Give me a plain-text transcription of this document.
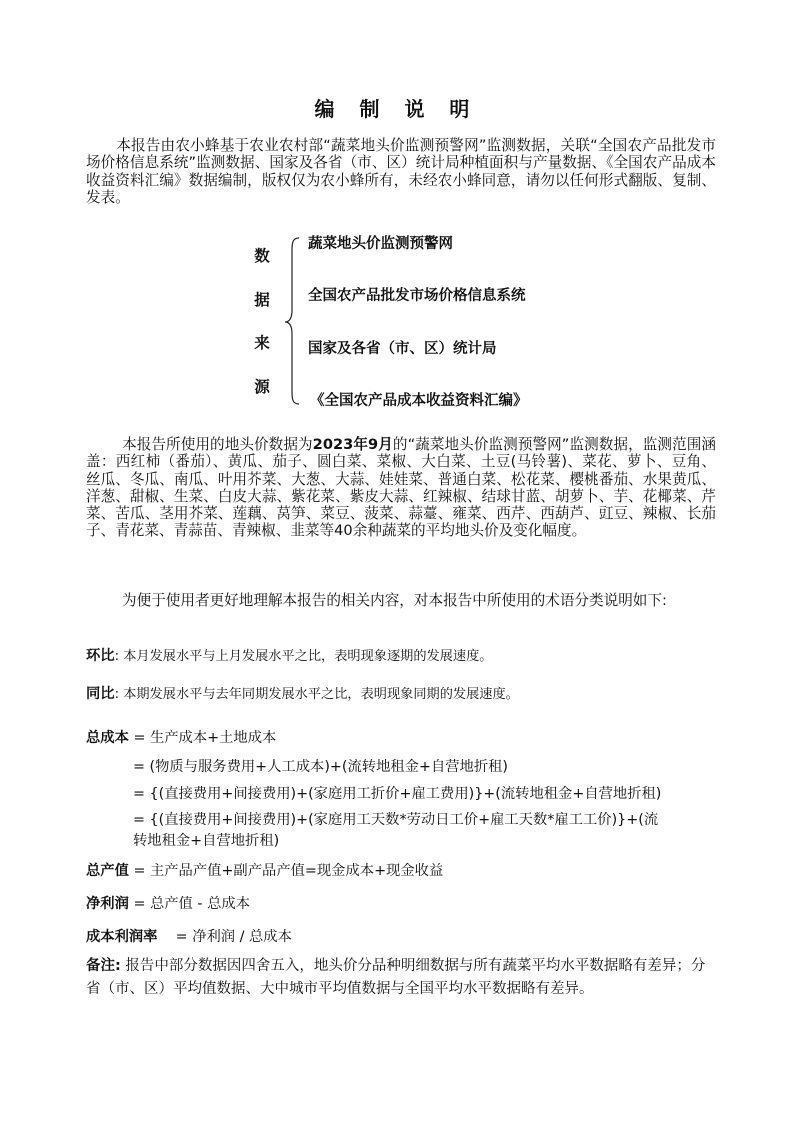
编 制 说 明
本报告由农小蜂基于农业农村部“蔬菜地头价监测预警网”监测数据，关联“全国农产品批发市场价格信息系统”监测数据、国家及各省（市、区）统计局种植面积与产量数据、《全国农产品成本收益资料汇编》数据编制，版权仅为农小蜂所有，未经农小蜂同意，请勿以任何形式翻版、复制、 发表。
数
据
来
源
蔬菜地头价监测预警网
全国农产品批发市场价格信息系统
国家及各省（市、区）统计局
《全国农产品成本收益资料汇编》
本报告所使用的地头价数据为2023年9月的“蔬菜地头价监测预警网”监测数据，监测范围涵盖：西红柿（番茄）、黄瓜、茄子、圆白菜、菜椒、大白菜、土豆(马铃薯)、菜花、萝卜、豆角、丝瓜、冬瓜、南瓜、叶用芥菜、大葱、大蒜、娃娃菜、普通白菜、松花菜、樱桃番茄、水果黄瓜、洋葱、甜椒、生菜、白皮大蒜、紫花菜、紫皮大蒜、红辣椒、结球甘蓝、胡萝卜、芋、花椰菜、芹菜、苦瓜、茎用芥菜、莲藕、莴笋、菜豆、菠菜、蒜薹、雍菜、西芹、西葫芦、豇豆、辣椒、长茄子、青花菜、青蒜苗、青辣椒、韭菜等40余种蔬菜的平均地头价及变化幅度。
为便于使用者更好地理解本报告的相关内容，对本报告中所使用的术语分类说明如下:
环比: 本月发展水平与上月发展水平之比，表明现象逐期的发展速度。
同比: 本期发展水平与去年同期发展水平之比，表明现象同期的发展速度。
总成本 = 生产成本+土地成本
= (物质与服务费用+人工成本)+(流转地租金+自营地折租)
= {(直接费用+间接费用)+(家庭用工折价+雇工费用)}+(流转地租金+自营地折租)
= {(直接费用+间接费用)+(家庭用工天数*劳动日工价+雇工天数*雇工工价)}+(流
转地租金+自营地折租)
总产值 = 主产品产值+副产品产值=现金成本+现金收益
净利润 = 总产值 - 总成本
成本利润率 = 净利润 / 总成本
备注: 报告中部分数据因四舍五入，地头价分品种明细数据与所有蔬菜平均水平数据略有差异；分省（市、区）平均值数据、大中城市平均值数据与全国平均水平数据略有差异。
